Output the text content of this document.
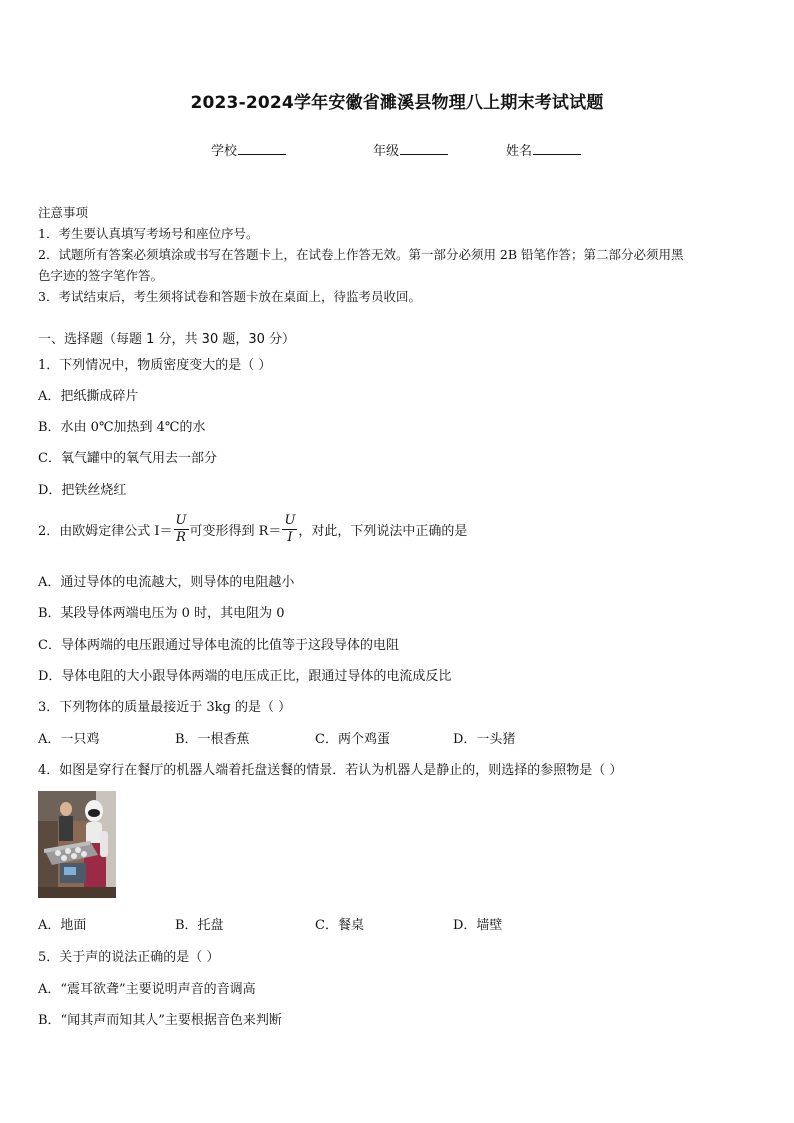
2023-2024学年安徽省濉溪县物理八上期末考试试题
学校	年级	姓名
注意事项
1．考生要认真填写考场号和座位序号。
2．试题所有答案必须填涂或书写在答题卡上，在试卷上作答无效。第一部分必须用 2B 铅笔作答；第二部分必须用黑
色字迹的签字笔作答。
3．考试结束后，考生须将试卷和答题卡放在桌面上，待监考员收回。
一、选择题（每题 1 分，共 30 题，30 分）
1．下列情况中，物质密度变大的是（ ）
A．把纸撕成碎片
B．水由 0℃加热到 4℃的水
C．氧气罐中的氧气用去一部分
D．把铁丝烧红
2．由欧姆定律公式 $I= \frac{U}{R}$ 可变形得到 $R= \frac{U}{I}$ ，对此，下列说法中正确的是
A．通过导体的电流越大，则导体的电阻越小
B．某段导体两端电压为 0 时，其电阻为 0
C．导体两端的电压跟通过导体电流的比值等于这段导体的电阻
D．导体电阻的大小跟导体两端的电压成正比，跟通过导体的电流成反比
3．下列物体的质量最接近于 3kg 的是（ ）
A．一只鸡	B．一根香蕉	C．两个鸡蛋	D．一头猪
4．如图是穿行在餐厅的机器人端着托盘送餐的情景．若认为机器人是静止的，则选择的参照物是（ ）
A．地面	B．托盘	C．餐桌	D．墙壁
5．关于声的说法正确的是（ ）
A．“震耳欲聋”主要说明声音的音调高
B．“闻其声而知其人”主要根据音色来判断
